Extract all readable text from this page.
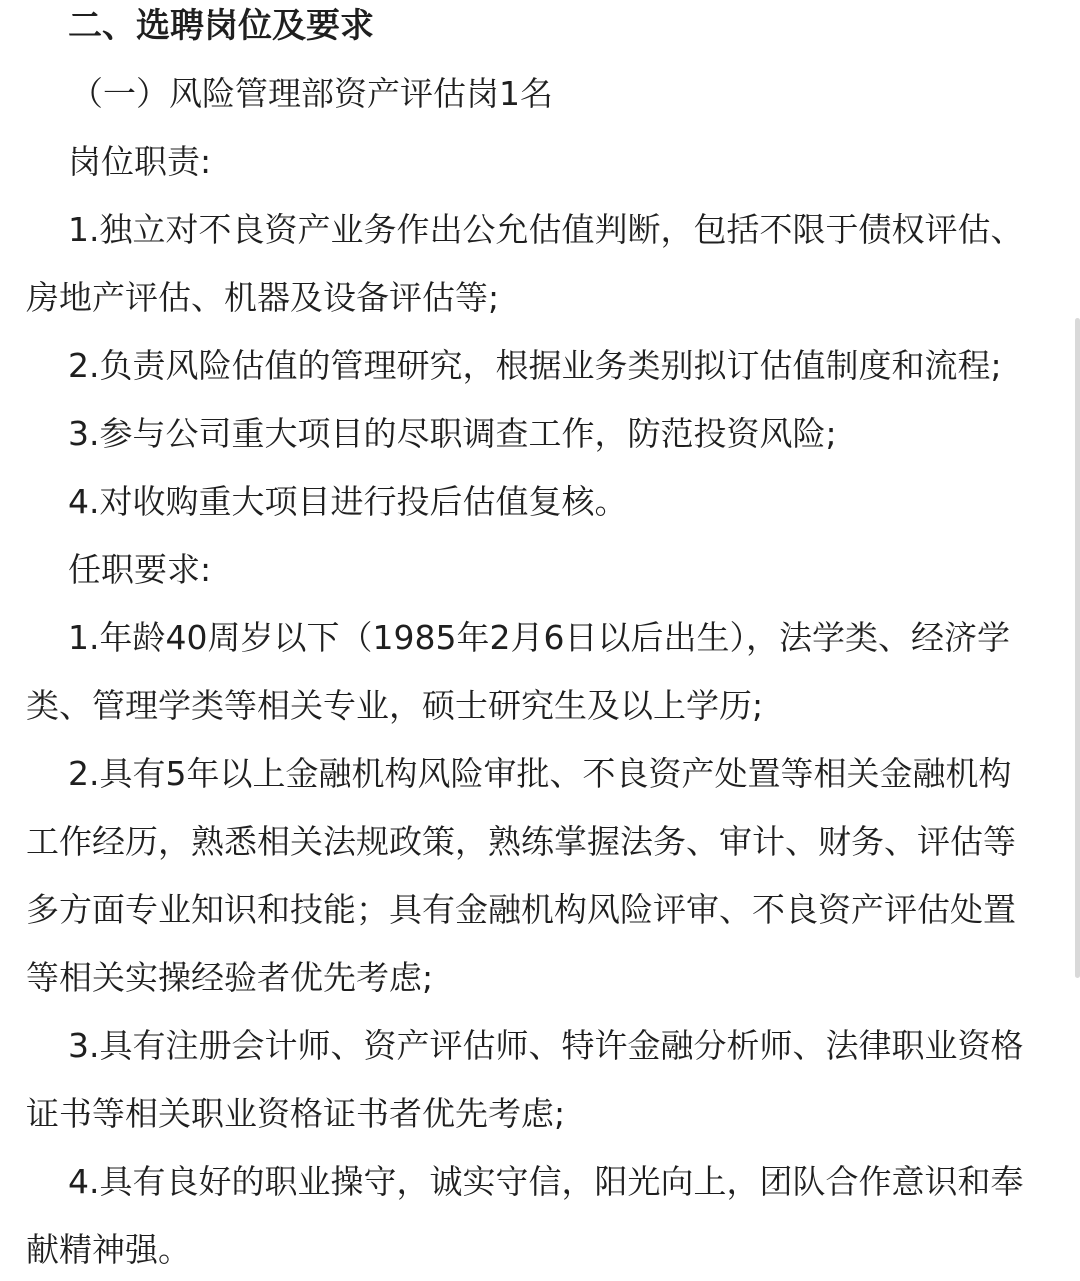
二、选聘岗位及要求
（一）风险管理部资产评估岗1名
岗位职责:
1.独立对不良资产业务作出公允估值判断，包括不限于债权评估、
房地产评估、机器及设备评估等;
2.负责风险估值的管理研究，根据业务类别拟订估值制度和流程;
3.参与公司重大项目的尽职调查工作，防范投资风险;
4.对收购重大项目进行投后估值复核。
任职要求:
1.年龄40周岁以下（1985年2月6日以后出生），法学类、经济学
类、管理学类等相关专业，硕士研究生及以上学历;
2.具有5年以上金融机构风险审批、不良资产处置等相关金融机构
工作经历，熟悉相关法规政策，熟练掌握法务、审计、财务、评估等
多方面专业知识和技能；具有金融机构风险评审、不良资产评估处置
等相关实操经验者优先考虑;
3.具有注册会计师、资产评估师、特许金融分析师、法律职业资格
证书等相关职业资格证书者优先考虑;
4.具有良好的职业操守，诚实守信，阳光向上，团队合作意识和奉
献精神强。
